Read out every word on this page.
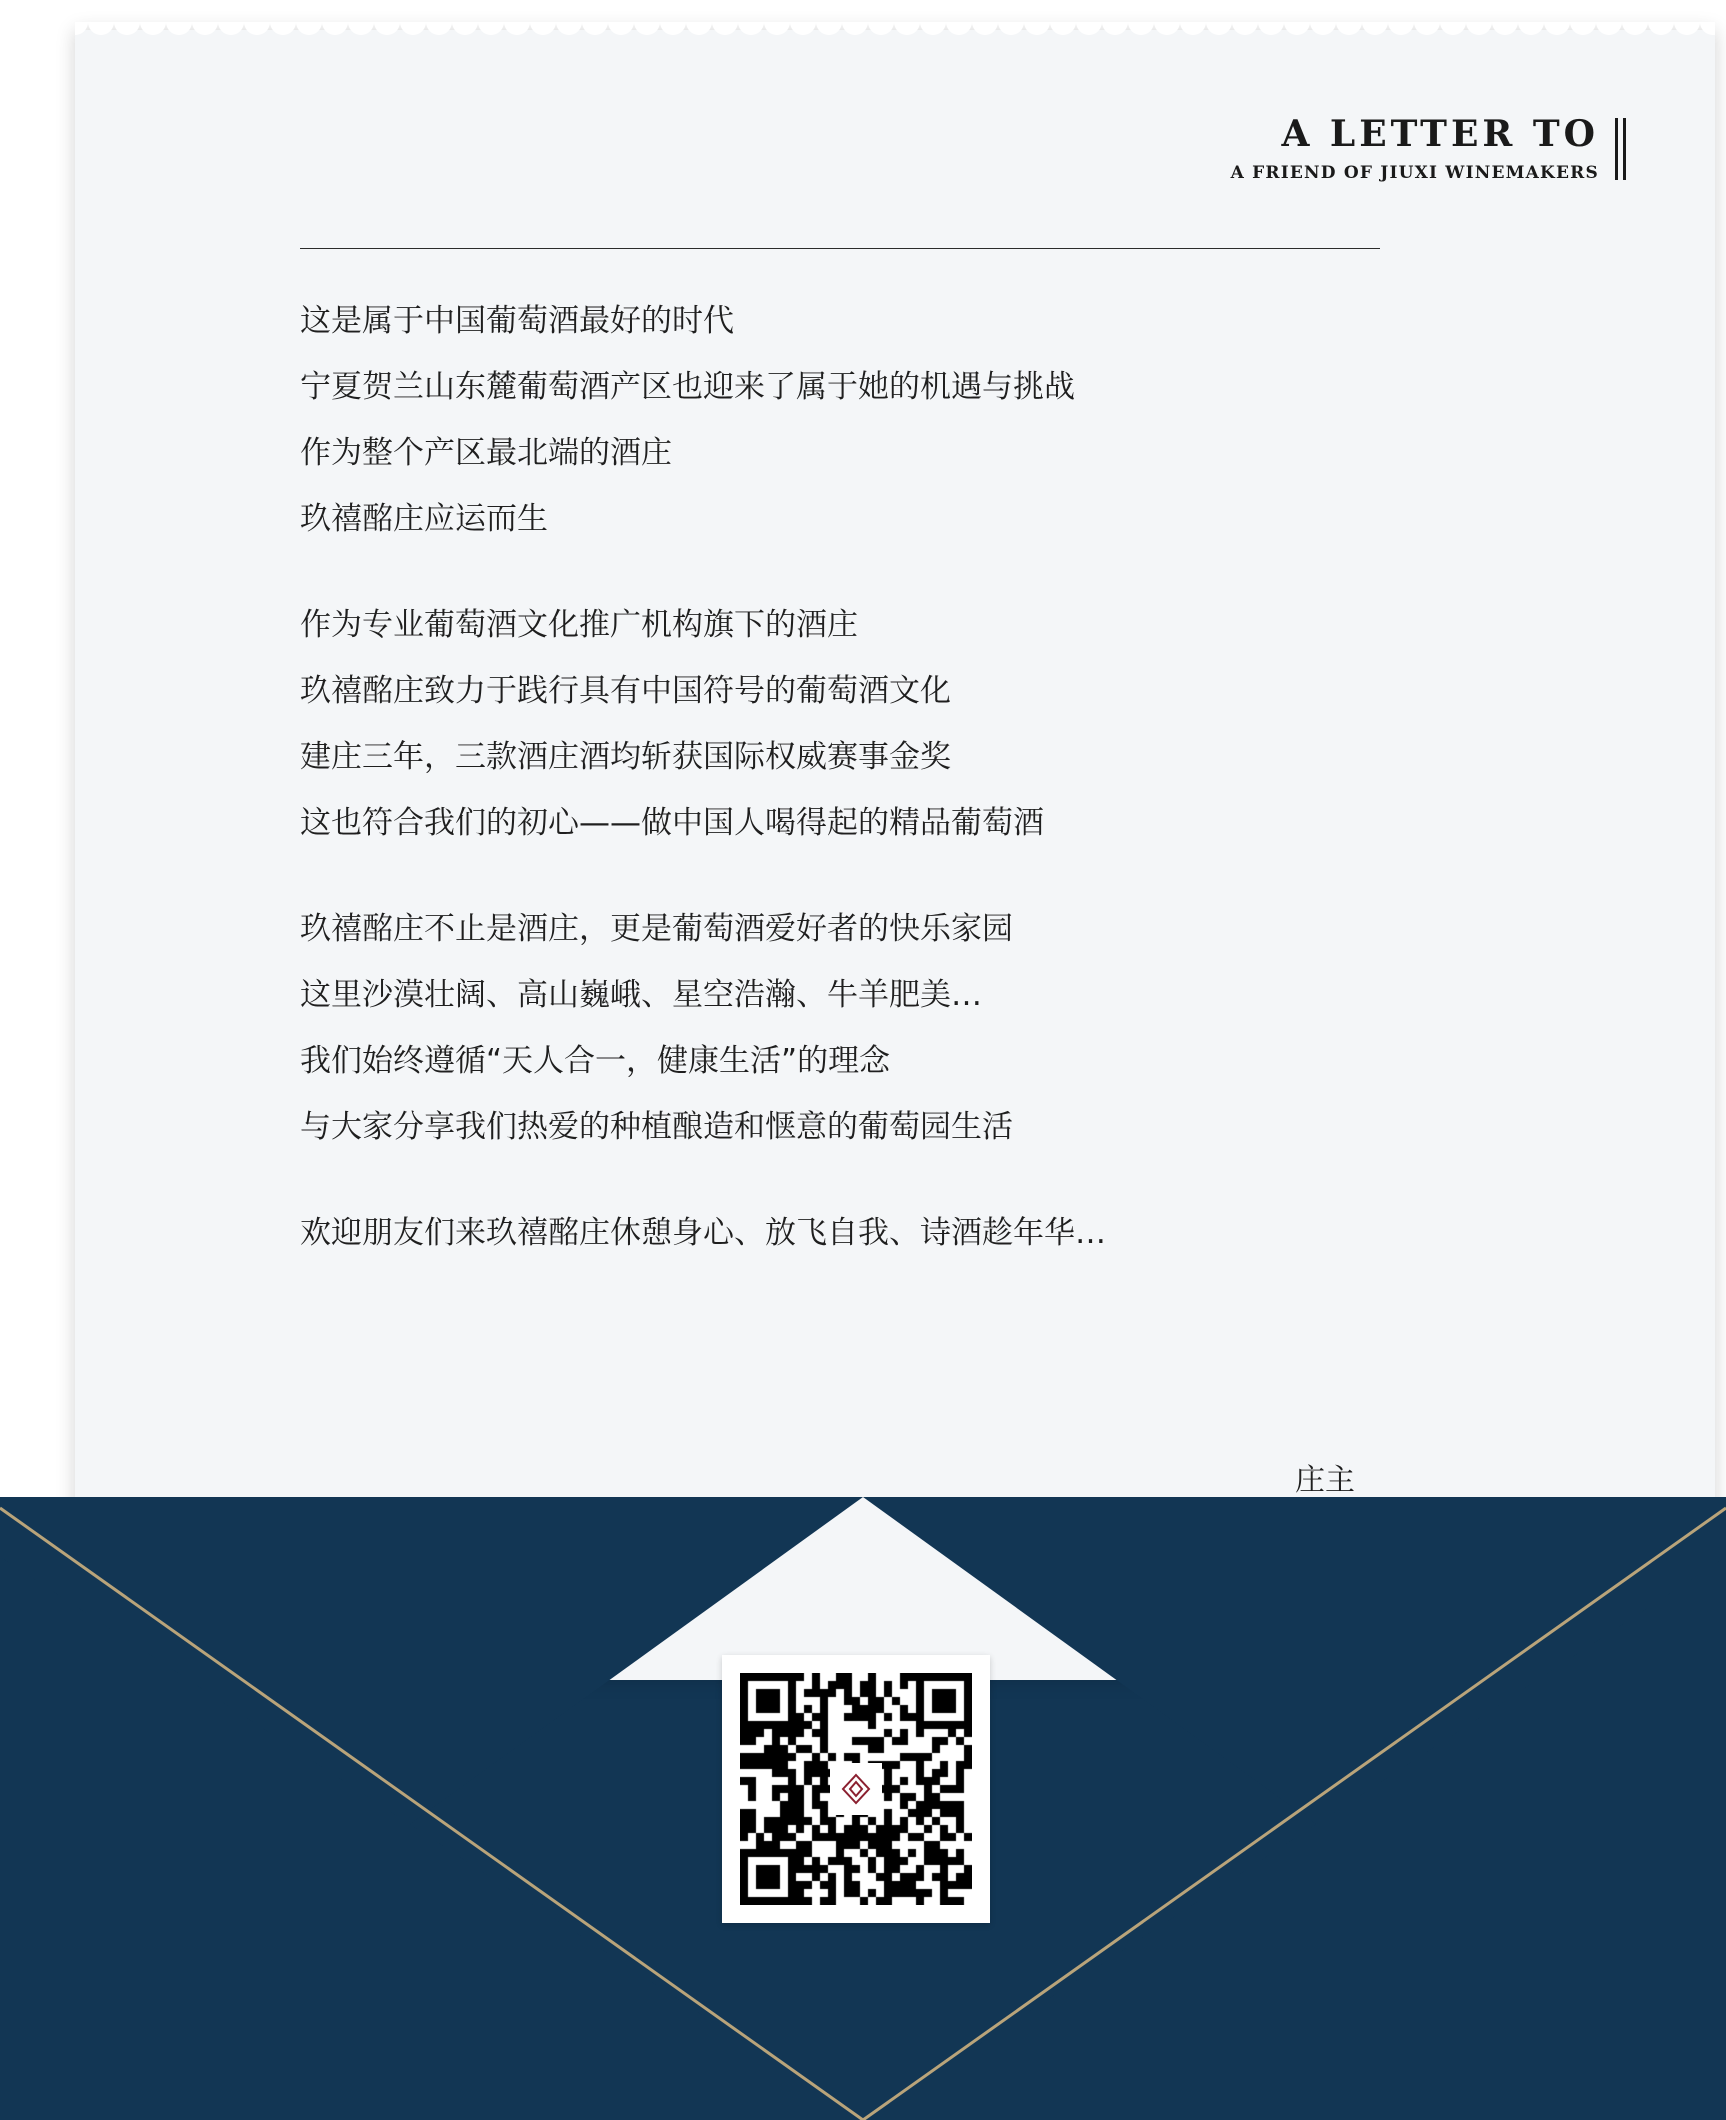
A LETTER TO
A FRIEND OF JIUXI WINEMAKERS

这是属于中国葡萄酒最好的时代

宁夏贺兰山东麓葡萄酒产区也迎来了属于她的机遇与挑战

作为整个产区最北端的酒庄

玖禧酩庄应运而生

作为专业葡萄酒文化推广机构旗下的酒庄

玖禧酩庄致力于践行具有中国符号的葡萄酒文化

建庄三年，三款酒庄酒均斩获国际权威赛事金奖

这也符合我们的初心——做中国人喝得起的精品葡萄酒

玖禧酩庄不止是酒庄，更是葡萄酒爱好者的快乐家园

这里沙漠壮阔、高山巍峨、星空浩瀚、牛羊肥美…

我们始终遵循“天人合一，健康生活”的理念

与大家分享我们热爱的种植酿造和惬意的葡萄园生活

欢迎朋友们来玖禧酩庄休憩身心、放飞自我、诗酒趁年华…

庄主
